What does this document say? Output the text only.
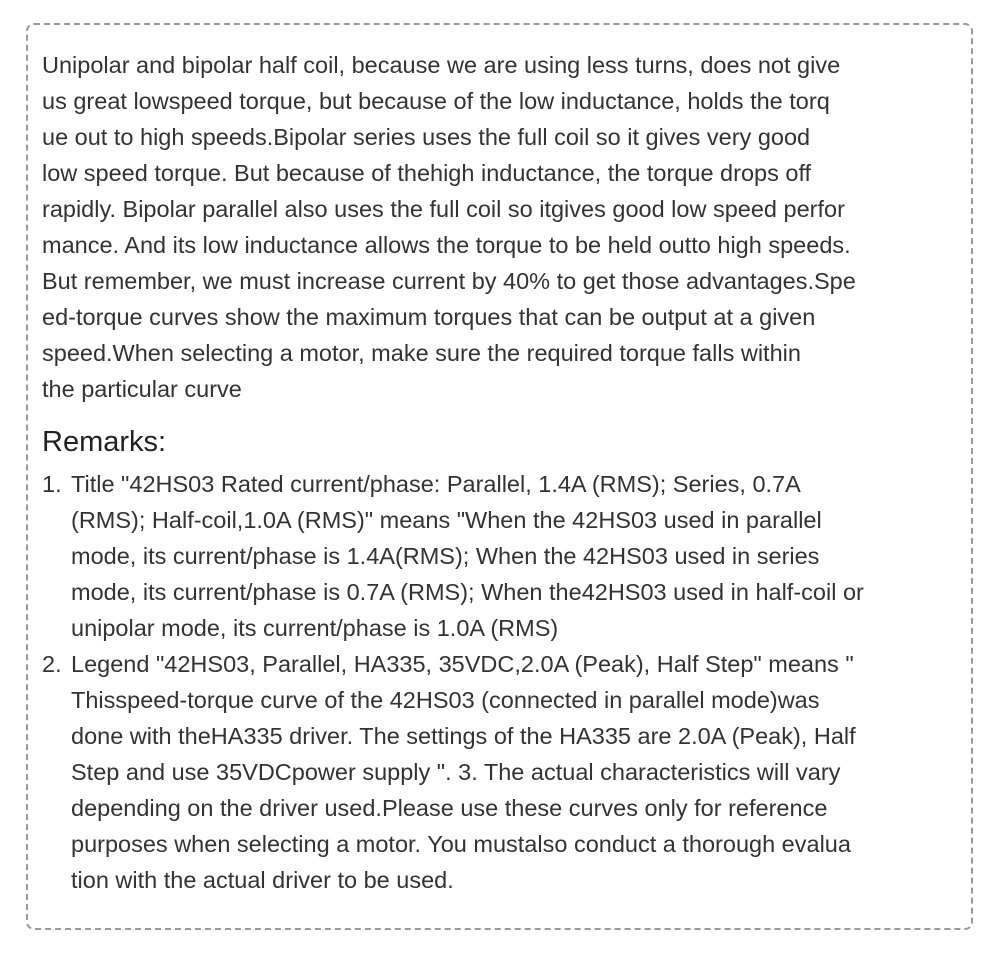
Unipolar and bipolar half coil, because we are using less turns, does not give
us great lowspeed torque, but because of the low inductance, holds the torq
ue out to high speeds.Bipolar series uses the full coil so it gives very good
low speed torque. But because of thehigh inductance, the torque drops off
rapidly. Bipolar parallel also uses the full coil so itgives good low speed perfor
mance. And its low inductance allows the torque to be held outto high speeds.
But remember, we must increase current by 40% to get those advantages.Spe
ed-torque curves show the maximum torques that can be output at a given
speed.When selecting a motor, make sure the required torque falls within
the particular curve
Remarks:
1. Title "42HS03 Rated current/phase: Parallel, 1.4A (RMS); Series, 0.7A
(RMS); Half-coil,1.0A (RMS)" means "When the 42HS03 used in parallel
mode, its current/phase is 1.4A(RMS); When the 42HS03 used in series
mode, its current/phase is 0.7A (RMS); When the42HS03 used in half-coil or
unipolar mode, its current/phase is 1.0A (RMS)
2. Legend "42HS03, Parallel, HA335, 35VDC,2.0A (Peak), Half Step" means "
Thisspeed-torque curve of the 42HS03 (connected in parallel mode)was
done with theHA335 driver. The settings of the HA335 are 2.0A (Peak), Half
Step and use 35VDCpower supply ". 3. The actual characteristics will vary
depending on the driver used.Please use these curves only for reference
purposes when selecting a motor. You mustalso conduct a thorough evalua
tion with the actual driver to be used.
